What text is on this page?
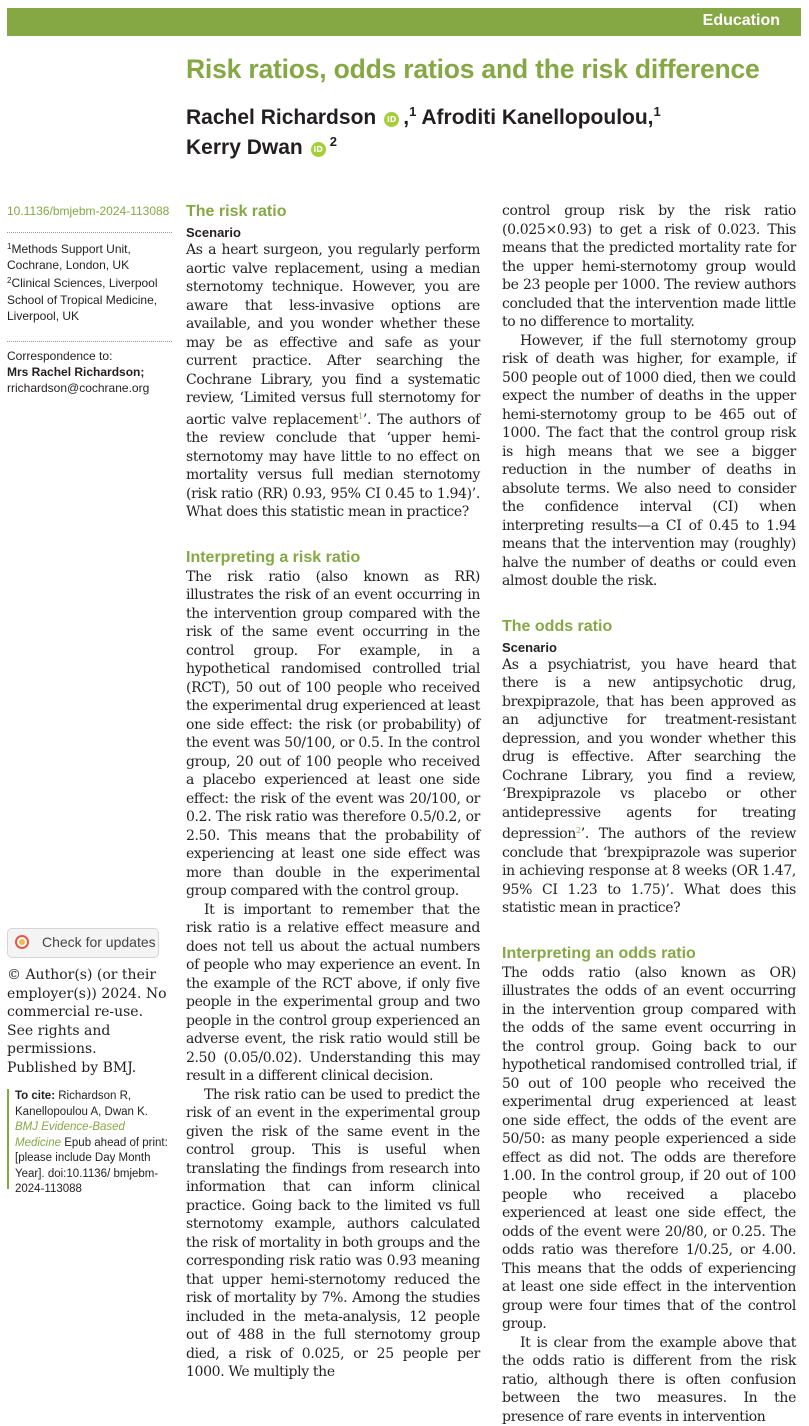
Education
Risk ratios, odds ratios and the risk difference
Rachel Richardson iD ,$^1$ Afroditi Kanellopoulou,$^1$
Kerry Dwan $iD^2$
10.1136/bmjebm-2024-113088
$^1$Methods Support Unit, Cochrane, London, UK
$^2$Clinical Sciences, Liverpool School of Tropical Medicine, Liverpool, UK
Correspondence to:
Mrs Rachel Richardson;
rrichardson@cochrane.org
Check for updates
© Author(s) (or their employer(s)) 2024. No commercial re-use. See rights and permissions. Published by BMJ.
To cite: Richardson R, Kanellopoulou A, Dwan K. BMJ Evidence-Based Medicine Epub ahead of print: [please include Day Month Year]. doi:10.1136/ bmjebm-2024-113088
The risk ratio
Scenario

As a heart surgeon, you regularly perform aortic valve replacement, using a median sternotomy technique. However, you are aware that less-invasive options are available, and you wonder whether these may be as effective and safe as your current practice. After searching the Cochrane Library, you find a systematic review, ‘Limited versus full sternotomy for aortic valve replacement$^1$’. The authors of the review conclude that ‘upper hemi-sternotomy may have little to no effect on mortality versus full median sternotomy (risk ratio (RR) 0.93, 95% CI 0.45 to 1.94)’. What does this statistic mean in practice?

Interpreting a risk ratio

The risk ratio (also known as RR) illustrates the risk of an event occurring in the intervention group compared with the risk of the same event occurring in the control group. For example, in a hypothetical randomised controlled trial (RCT), 50 out of 100 people who received the experimental drug experienced at least one side effect: the risk (or probability) of the event was 50/100, or 0.5. In the control group, 20 out of 100 people who received a placebo experienced at least one side effect: the risk of the event was 20/100, or 0.2. The risk ratio was therefore 0.5/0.2, or 2.50. This means that the probability of experiencing at least one side effect was more than double in the experimental group compared with the control group.

It is important to remember that the risk ratio is a relative effect measure and does not tell us about the actual numbers of people who may experience an event. In the example of the RCT above, if only five people in the experimental group and two people in the control group experienced an adverse event, the risk ratio would still be 2.50 (0.05/0.02). Understanding this may result in a different clinical decision.

The risk ratio can be used to predict the risk of an event in the experimental group given the risk of the same event in the control group. This is useful when translating the findings from research into information that can inform clinical practice. Going back to the limited vs full sternotomy example, authors calculated the risk of mortality in both groups and the corresponding risk ratio was 0.93 meaning that upper hemi-sternotomy reduced the risk of mortality by 7%. Among the studies included in the meta-analysis, 12 people out of 488 in the full sternotomy group died, a risk of 0.025, or 25 people per 1000. We multiply the

control group risk by the risk ratio (0.025×0.93) to get a risk of 0.023. This means that the predicted mortality rate for the upper hemi-sternotomy group would be 23 people per 1000. The review authors concluded that the intervention made little to no difference to mortality.

However, if the full sternotomy group risk of death was higher, for example, if 500 people out of 1000 died, then we could expect the number of deaths in the upper hemi-sternotomy group to be 465 out of 1000. The fact that the control group risk is high means that we see a bigger reduction in the number of deaths in absolute terms. We also need to consider the confidence interval (CI) when interpreting results—a CI of 0.45 to 1.94 means that the intervention may (roughly) halve the number of deaths or could even almost double the risk.

The odds ratio
Scenario

As a psychiatrist, you have heard that there is a new antipsychotic drug, brexpiprazole, that has been approved as an adjunctive for treatment-resistant depression, and you wonder whether this drug is effective. After searching the Cochrane Library, you find a review, ‘Brexpiprazole vs placebo or other antidepressive agents for treating depression$^2$’. The authors of the review conclude that ‘brexpiprazole was superior in achieving response at 8 weeks (OR 1.47, 95% CI 1.23 to 1.75)’. What does this statistic mean in practice?

Interpreting an odds ratio

The odds ratio (also known as OR) illustrates the odds of an event occurring in the intervention group compared with the odds of the same event occurring in the control group. Going back to our hypothetical randomised controlled trial, if 50 out of 100 people who received the experimental drug experienced at least one side effect, the odds of the event are 50/50: as many people experienced a side effect as did not. The odds are therefore 1.00. In the control group, if 20 out of 100 people who received a placebo experienced at least one side effect, the odds of the event were 20/80, or 0.25. The odds ratio was therefore 1/0.25, or 4.00. This means that the odds of experiencing at least one side effect in the intervention group were four times that of the control group.

It is clear from the example above that the odds ratio is different from the risk ratio, although there is often confusion between the two measures. In the presence of rare events in intervention
